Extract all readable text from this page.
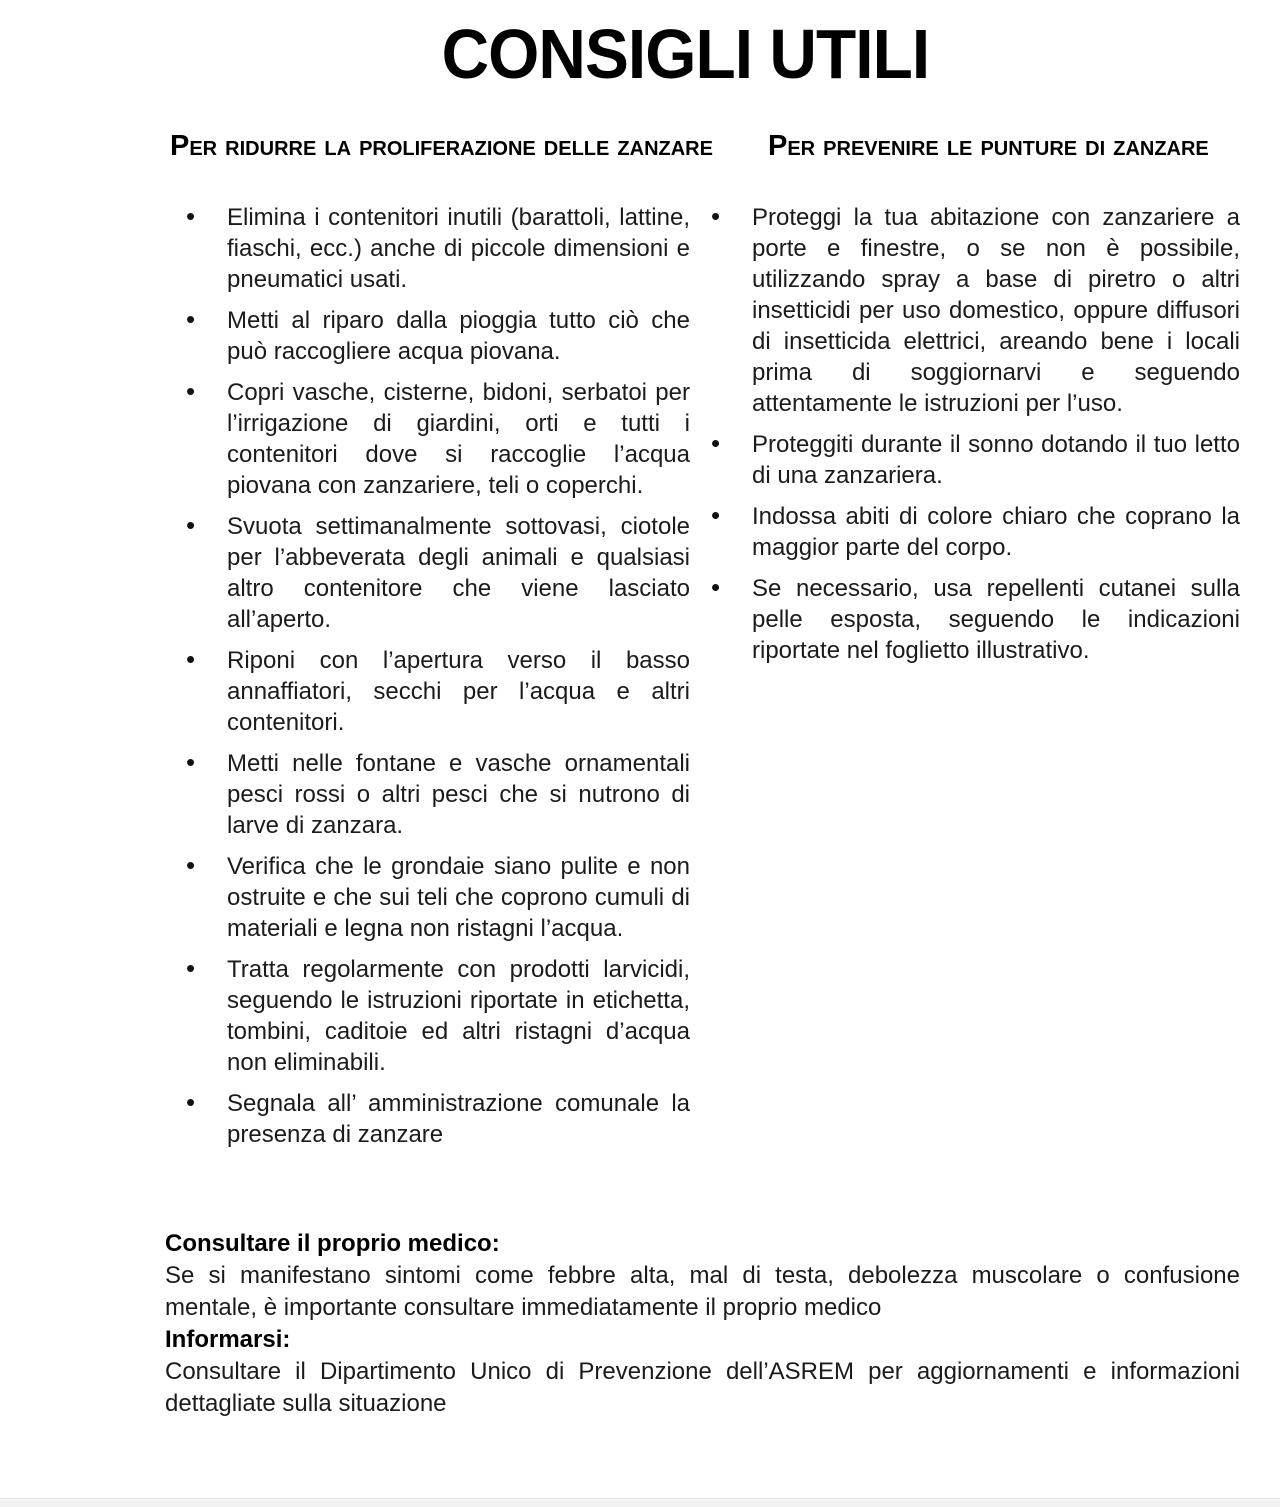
CONSIGLI UTILI
Per ridurre la proliferazione delle zanzare
• Elimina i contenitori inutili (barattoli, lattine, fiaschi, ecc.) anche di piccole dimensioni e pneumatici usati.
• Metti al riparo dalla pioggia tutto ciò che può raccogliere acqua piovana.
• Copri vasche, cisterne, bidoni, serbatoi per l’irrigazione di giardini, orti e tutti i contenitori dove si raccoglie l’acqua piovana con zanzariere, teli o coperchi.
• Svuota settimanalmente sottovasi, ciotole per l’abbeverata degli animali e qualsiasi altro contenitore che viene lasciato all’aperto.
• Riponi con l’apertura verso il basso annaffiatori, secchi per l’acqua e altri contenitori.
• Metti nelle fontane e vasche ornamentali pesci rossi o altri pesci che si nutrono di larve di zanzara.
• Verifica che le grondaie siano pulite e non ostruite e che sui teli che coprono cumuli di materiali e legna non ristagni l’acqua.
• Tratta regolarmente con prodotti larvicidi, seguendo le istruzioni riportate in etichetta, tombini, caditoie ed altri ristagni d’acqua non eliminabili.
• Segnala all’ amministrazione comunale la presenza di zanzare
Per prevenire le punture di zanzare
• Proteggi la tua abitazione con zanzariere a porte e finestre, o se non è possibile, utilizzando spray a base di piretro o altri insetticidi per uso domestico, oppure diffusori di insetticida elettrici, areando bene i locali prima di soggiornarvi e seguendo attentamente le istruzioni per l’uso.
• Proteggiti durante il sonno dotando il tuo letto di una zanzariera.
• Indossa abiti di colore chiaro che coprano la maggior parte del corpo.
• Se necessario, usa repellenti cutanei sulla pelle esposta, seguendo le indicazioni riportate nel foglietto illustrativo.

Consultare il proprio medico:

Se si manifestano sintomi come febbre alta, mal di testa, debolezza muscolare o confusione mentale, è importante consultare immediatamente il proprio medico

Informarsi:

Consultare il Dipartimento Unico di Prevenzione dell’ASREM per aggiornamenti e informazioni dettagliate sulla situazione
